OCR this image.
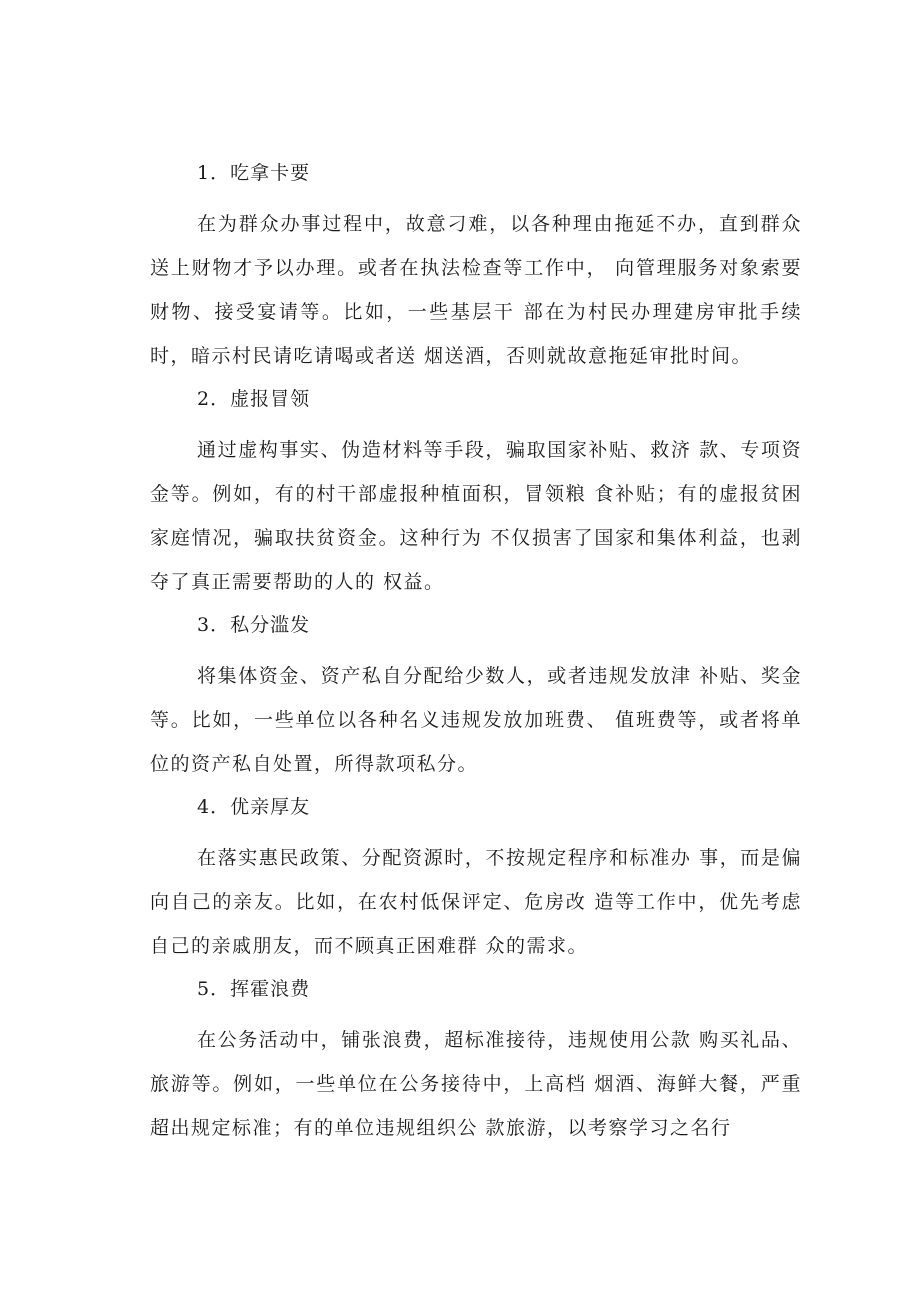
1．吃拿卡要

在为群众办事过程中，故意刁难，以各种理由拖延不办，直到群众送上财物才予以办理。或者在执法检查等工作中， 向管理服务对象索要财物、接受宴请等。比如，一些基层干 部在为村民办理建房审批手续时，暗示村民请吃请喝或者送 烟送酒，否则就故意拖延审批时间。

2．虚报冒领

通过虚构事实、伪造材料等手段，骗取国家补贴、救济 款、专项资金等。例如，有的村干部虚报种植面积，冒领粮 食补贴；有的虚报贫困家庭情况，骗取扶贫资金。这种行为 不仅损害了国家和集体利益，也剥夺了真正需要帮助的人的 权益。

3．私分滥发

将集体资金、资产私自分配给少数人，或者违规发放津 补贴、奖金等。比如，一些单位以各种名义违规发放加班费、 值班费等，或者将单位的资产私自处置，所得款项私分。

4．优亲厚友

在落实惠民政策、分配资源时，不按规定程序和标准办 事，而是偏向自己的亲友。比如，在农村低保评定、危房改 造等工作中，优先考虑自己的亲戚朋友，而不顾真正困难群 众的需求。

5．挥霍浪费

在公务活动中，铺张浪费，超标准接待，违规使用公款 购买礼品、旅游等。例如，一些单位在公务接待中，上高档 烟酒、海鲜大餐，严重超出规定标准；有的单位违规组织公 款旅游，以考察学习之名行
